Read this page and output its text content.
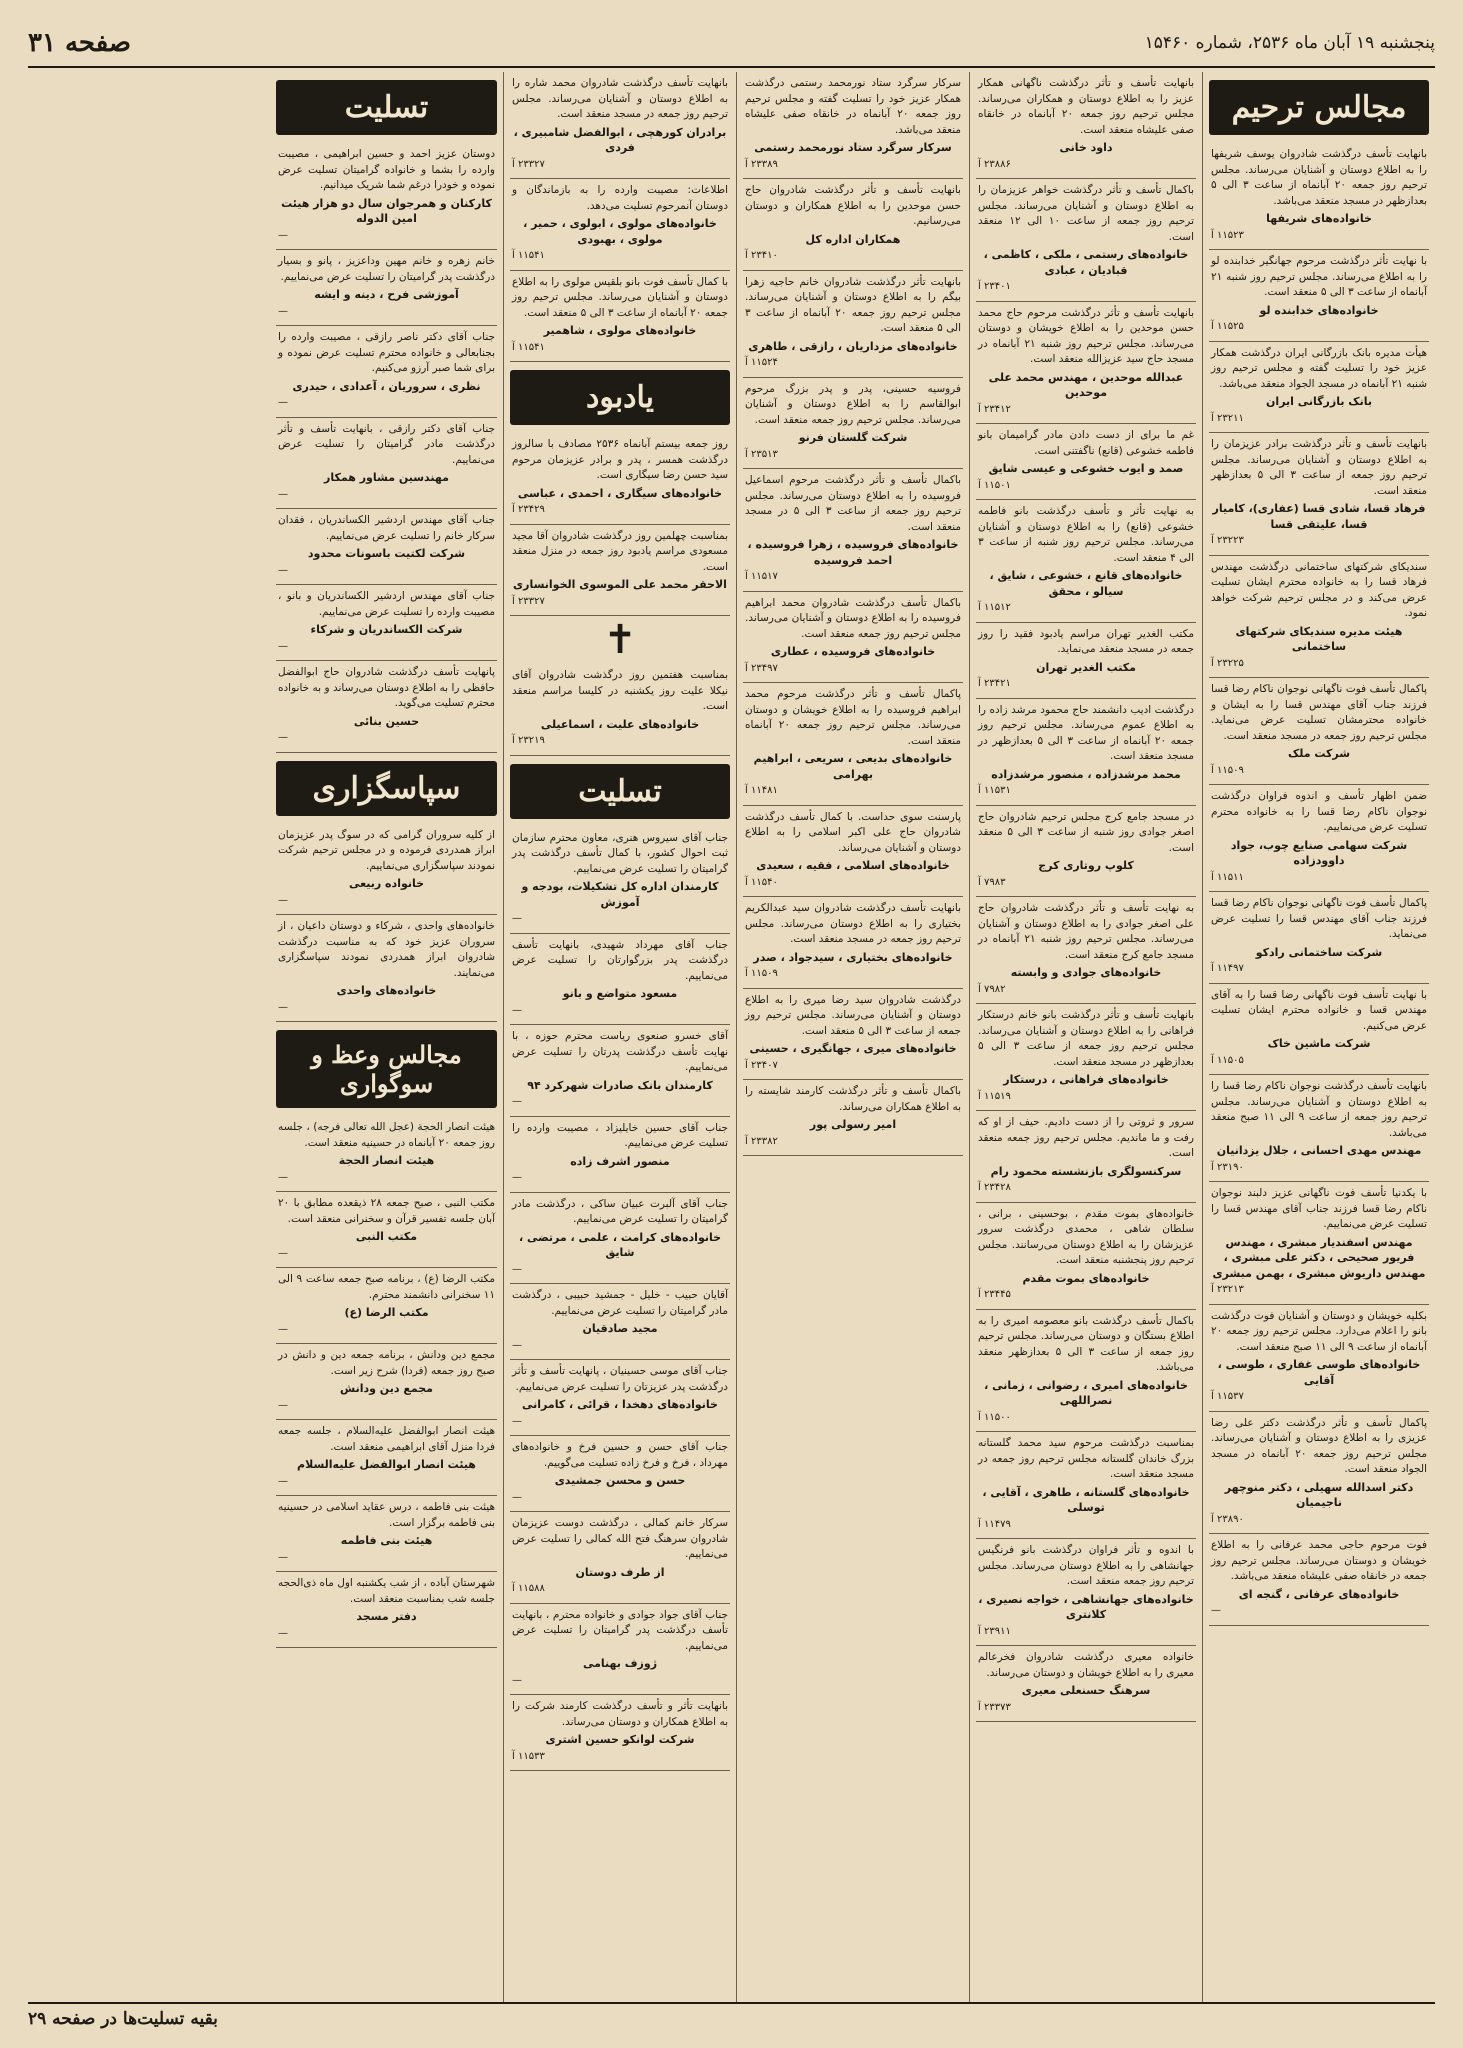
پنجشنبه ۱۹ آبان ماه ۲۵۳۶، شماره ۱۵۴۶۰
صفحه ۳۱
مجالس ترحیم
بانهایت تأسف درگذشت شادروان یوسف شریفها را به اطلاع دوستان و آشنایان می‌رساند. مجلس ترحیم روز جمعه ۲۰ آبانماه از ساعت ۳ الی ۵ بعدازظهر در مسجد منعقد می‌باشد.
خانواده‌های شریفها
۱۱۵۲۳ آ
با نهایت تأثر درگذشت مرحوم جهانگیر خدابنده لو را به اطلاع می‌رساند. مجلس ترحیم روز شنبه ۲۱ آبانماه از ساعت ۳ الی ۵ منعقد است.
خانواده‌های خدابنده لو
۱۱۵۲۵ آ
هیأت مدیره بانک بازرگانی ایران درگذشت همکار عزیز خود را تسلیت گفته و مجلس ترحیم روز شنبه ۲۱ آبانماه در مسجد الجواد منعقد می‌باشد.
بانک بازرگانی ایران
۲۳۲۱۱ آ
بانهایت تأسف و تأثر درگذشت برادر عزیزمان را به اطلاع دوستان و آشنایان می‌رساند. مجلس ترحیم روز جمعه از ساعت ۳ الی ۵ بعدازظهر منعقد است.
فرهاد قسا، شادی قسا (عفاری)، کامیار قسا، علیتقی قسا
۲۳۲۲۳ آ
سندیکای شرکتهای ساختمانی درگذشت مهندس فرهاد قسا را به خانواده محترم ایشان تسلیت عرض می‌کند و در مجلس ترحیم شرکت خواهد نمود.
هیئت مدیره سندیکای شرکتهای ساختمانی
۲۳۲۲۵ آ
پاکمال تأسف فوت ناگهانی نوجوان ناکام رضا قسا فرزند جناب آقای مهندس قسا را به ایشان و خانواده محترمشان تسلیت عرض می‌نماید. مجلس ترحیم روز جمعه در مسجد منعقد است.
شرکت ملک
۱۱۵۰۹ آ
ضمن اظهار تأسف و اندوه فراوان درگذشت نوجوان ناکام رضا قسا را به خانواده محترم تسلیت عرض می‌نماییم.
شرکت سهامی صنایع چوب، جواد داوودزاده
۱۱۵۱۱ آ
پاکمال تأسف فوت ناگهانی نوجوان ناکام رضا قسا فرزند جناب آقای مهندس قسا را تسلیت عرض می‌نماید.
شرکت ساختمانی رادکو
۱۱۴۹۷ آ
با نهایت تأسف فوت ناگهانی رضا قسا را به آقای مهندس قسا و خانواده محترم ایشان تسلیت عرض می‌کنیم.
شرکت ماشین خاک
۱۱۵۰۵ آ
بانهایت تأسف درگذشت نوجوان ناکام رضا قسا را به اطلاع دوستان و آشنایان می‌رساند. مجلس ترحیم روز جمعه از ساعت ۹ الی ۱۱ صبح منعقد می‌باشد.
مهندس مهدی احسانی ، جلال یزدانیان
۲۳۱۹۰ آ
با یکدنیا تأسف فوت ناگهانی عزیز دلبند نوجوان ناکام رضا قسا فرزند جناب آقای مهندس قسا را تسلیت عرض می‌نماییم.
مهندس اسفندیار مبشری ، مهندس فریور صحیحی ، دکتر علی مبشری ، مهندس داریوش مبشری ، بهمن مبشری
۲۳۲۱۳ آ
بکلیه خویشان و دوستان و آشنایان فوت درگذشت بانو را اعلام می‌دارد. مجلس ترحیم روز جمعه ۲۰ آبانماه از ساعت ۹ الی ۱۱ صبح منعقد است.
خانواده‌های طوسی غفاری ، طوسی ، آقایی
۱۱۵۳۷ آ
پاکمال تأسف و تأثر درگذشت دکتر علی رضا عزیزی را به اطلاع دوستان و آشنایان می‌رساند. مجلس ترحیم روز جمعه ۲۰ آبانماه در مسجد الجواد منعقد است.
دکتر اسدالله سهیلی ، دکتر منوچهر ناجیمیان
۲۳۸۹۰ آ
فوت مرحوم حاجی محمد عرفانی را به اطلاع خویشان و دوستان می‌رساند. مجلس ترحیم روز جمعه در خانقاه صفی علیشاه منعقد می‌باشد.
خانواده‌های عرفانی ، گنجه ای
—
بانهایت تأسف و تأثر درگذشت ناگهانی همکار عزیز را به اطلاع دوستان و همکاران می‌رساند. مجلس ترحیم روز جمعه ۲۰ آبانماه در خانقاه صفی علیشاه منعقد است.
داود خانی
۲۳۸۸۶ آ
باکمال تأسف و تأثر درگذشت خواهر عزیزمان را به اطلاع دوستان و آشنایان می‌رساند. مجلس ترحیم روز جمعه از ساعت ۱۰ الی ۱۲ منعقد است.
خانواده‌های رستمی ، ملکی ، کاظمی ، قبادیان ، عبادی
۲۳۴۰۱ آ
بانهایت تأسف و تأثر درگذشت مرحوم حاج محمد حسن موحدین را به اطلاع خویشان و دوستان می‌رساند. مجلس ترحیم روز شنبه ۲۱ آبانماه در مسجد حاج سید عزیزالله منعقد است.
عبدالله موحدین ، مهندس محمد علی موحدین
۲۳۴۱۲ آ
غم ما برای از دست دادن مادر گرامیمان بانو فاطمه خشوعی (قانع) ناگفتنی است.
صمد و ایوب خشوعی و عیسی شایق
۱۱۵۰۱ آ
به نهایت تأثر و تأسف درگذشت بانو فاطمه خشوعی (قانع) را به اطلاع دوستان و آشنایان می‌رساند. مجلس ترحیم روز شنبه از ساعت ۳ الی ۴ منعقد است.
خانواده‌های قانع ، خشوعی ، شایق ، سیالو ، محقق
۱۱۵۱۲ آ
مکتب الغدیر تهران مراسم یادبود فقید را روز جمعه در مسجد منعقد می‌نماید.
مکتب الغدیر تهران
۲۳۴۲۱ آ
درگذشت ادیب دانشمند حاج محمود مرشد زاده را به اطلاع عموم می‌رساند. مجلس ترحیم روز جمعه ۲۰ آبانماه از ساعت ۳ الی ۵ بعدازظهر در مسجد منعقد است.
محمد مرشدزاده ، منصور مرشدزاده
۱۱۵۳۱ آ
در مسجد جامع کرج مجلس ترحیم شادروان حاج اصغر جوادی روز شنبه از ساعت ۳ الی ۵ منعقد است.
کلوپ روتاری کرج
۷۹۸۳ آ
به نهایت تأسف و تأثر درگذشت شادروان حاج علی اصغر جوادی را به اطلاع دوستان و آشنایان می‌رساند. مجلس ترحیم روز شنبه ۲۱ آبانماه در مسجد جامع کرج منعقد است.
خانواده‌های جوادی و وابسته
۷۹۸۲ آ
بانهایت تأسف و تأثر درگذشت بانو خانم درستکار فراهانی را به اطلاع دوستان و آشنایان می‌رساند. مجلس ترحیم روز جمعه از ساعت ۳ الی ۵ بعدازظهر در مسجد منعقد است.
خانواده‌های فراهانی ، درستکار
۱۱۵۱۹ آ
سرور و ثروتی را از دست دادیم. حیف از او که رفت و ما ماندیم. مجلس ترحیم روز جمعه منعقد است.
سرکنسولگری بازنشسته محمود رام
۲۳۴۲۸ آ
خانواده‌های بموت مقدم ، بوحسینی ، برانی ، سلطان شاهی ، محمدی درگذشت سرور عزیزشان را به اطلاع دوستان می‌رسانند. مجلس ترحیم روز پنجشنبه منعقد است.
خانواده‌های بموت مقدم
۲۳۴۴۵ آ
باکمال تأسف درگذشت بانو معصومه امیری را به اطلاع بستگان و دوستان می‌رساند. مجلس ترحیم روز جمعه از ساعت ۳ الی ۵ بعدازظهر منعقد می‌باشد.
خانواده‌های امیری ، رضوانی ، زمانی ، نصراللهی
۱۱۵۰۰ آ
بمناسبت درگذشت مرحوم سید محمد گلستانه بزرگ خاندان گلستانه مجلس ترحیم روز جمعه در مسجد منعقد است.
خانواده‌های گلستانه ، طاهری ، آقایی ، توسلی
۱۱۴۷۹ آ
با اندوه و تأثر فراوان درگذشت بانو فرنگیس جهانشاهی را به اطلاع دوستان می‌رساند. مجلس ترحیم روز جمعه منعقد است.
خانواده‌های جهانشاهی ، خواجه نصیری ، کلانتری
۲۳۹۱۱ آ
خانواده معیری درگذشت شادروان فخرعالم معیری را به اطلاع خویشان و دوستان می‌رساند.
سرهنگ حسنعلی معیری
۲۳۳۷۳ آ
سرکار سرگرد ستاد نورمحمد رستمی درگذشت همکار عزیز خود را تسلیت گفته و مجلس ترحیم روز جمعه ۲۰ آبانماه در خانقاه صفی علیشاه منعقد می‌باشد.
سرکار سرگرد ستاد نورمحمد رستمی
۲۳۳۸۹ آ
بانهایت تأسف و تأثر درگذشت شادروان حاج حسن موحدین را به اطلاع همکاران و دوستان می‌رسانیم.
همکاران اداره کل
۲۳۴۱۰ آ
بانهایت تأثر درگذشت شادروان خانم حاجیه زهرا بیگم را به اطلاع دوستان و آشنایان می‌رساند. مجلس ترحیم روز جمعه ۲۰ آبانماه از ساعت ۳ الی ۵ منعقد است.
خانواده‌های مزداریان ، رازقی ، طاهری
۱۱۵۲۴ آ
فروسیه حسینی، پدر و پدر بزرگ مرحوم ابوالقاسم را به اطلاع دوستان و آشنایان می‌رساند. مجلس ترحیم روز جمعه منعقد است.
شرکت گلستان فرنو
۲۳۵۱۳ آ
باکمال تأسف و تأثر درگذشت مرحوم اسماعیل فروسیده را به اطلاع دوستان می‌رساند. مجلس ترحیم روز جمعه از ساعت ۳ الی ۵ در مسجد منعقد است.
خانواده‌های فروسیده ، زهرا فروسیده ، احمد فروسیده
۱۱۵۱۷ آ
باکمال تأسف درگذشت شادروان محمد ابراهیم فروسیده را به اطلاع دوستان و آشنایان می‌رساند. مجلس ترحیم روز جمعه منعقد است.
خانواده‌های فروسیده ، عطاری
۲۳۴۹۷ آ
پاکمال تأسف و تأثر درگذشت مرحوم محمد ابراهیم فروسیده را به اطلاع خویشان و دوستان می‌رساند. مجلس ترحیم روز جمعه ۲۰ آبانماه منعقد است.
خانواده‌های بدیعی ، سریعی ، ابراهیم بهرامی
۱۱۴۸۱ آ
پارسنت سوی حداست. با کمال تأسف درگذشت شادروان حاج علی اکبر اسلامی را به اطلاع دوستان و آشنایان می‌رساند.
خانواده‌های اسلامی ، فقیه ، سعیدی
۱۱۵۴۰ آ
بانهایت تأسف درگذشت شادروان سید عبدالکریم بختیاری را به اطلاع دوستان می‌رساند. مجلس ترحیم روز جمعه در مسجد منعقد است.
خانواده‌های بختیاری ، سیدجواد ، صدر
۱۱۵۰۹ آ
درگذشت شادروان سید رضا میری را به اطلاع دوستان و آشنایان می‌رساند. مجلس ترحیم روز جمعه از ساعت ۳ الی ۵ منعقد است.
خانواده‌های میری ، جهانگیری ، حسینی
۲۳۴۰۷ آ
باکمال تأسف و تأثر درگذشت کارمند شایسته را به اطلاع همکاران می‌رساند.
امیر رسولی پور
۲۳۳۸۲ آ
بانهایت تأسف درگذشت شادروان محمد شاره را به اطلاع دوستان و آشنایان می‌رساند. مجلس ترحیم روز جمعه در مسجد منعقد است.
برادران کورهچی ، ابوالفضل شامبیری ، فردی
۲۳۳۲۷ آ
اطلاعات: مصیبت وارده را به بازماندگان و دوستان آنمرحوم تسلیت می‌دهد.
خانواده‌های مولوی ، ابولوی ، حمیر ، مولوی ، بهبودی
۱۱۵۴۱ آ
با کمال تأسف فوت بانو بلقیس مولوی را به اطلاع دوستان و آشنایان می‌رساند. مجلس ترحیم روز جمعه ۲۰ آبانماه از ساعت ۳ الی ۵ منعقد است.
خانواده‌های مولوی ، شاهمیر
۱۱۵۴۱ آ
یادبود
روز جمعه بیستم آبانماه ۲۵۳۶ مصادف با سالروز درگذشت همسر ، پدر و برادر عزیزمان مرحوم سید حسن رضا سیگاری است.
خانواده‌های سیگاری ، احمدی ، عباسی
۲۳۴۲۹ آ
بمناسبت چهلمین روز درگذشت شادروان آقا مجید مسعودی مراسم یادبود روز جمعه در منزل منعقد است.
الاحقر محمد علی الموسوی الخوانساری
۲۳۳۲۷ آ
✝
بمناسبت هفتمین روز درگذشت شادروان آقای نیکلا علیت روز یکشنبه در کلیسا مراسم منعقد است.
خانواده‌های علیت ، اسماعیلی
۲۳۲۱۹ آ
تسلیت
جناب آقای سیروس هنری، معاون محترم سازمان ثبت احوال کشور، با کمال تأسف درگذشت پدر گرامیتان را تسلیت عرض می‌نماییم.
کارمندان اداره کل تشکیلات، بودجه و آموزش
—
جناب آقای مهرداد شهیدی، بانهایت تأسف درگذشت پدر بزرگوارتان را تسلیت عرض می‌نماییم.
مسعود متواضع و بانو
—
آقای خسرو صنعوی ریاست محترم حوزه ، با نهایت تأسف درگذشت پدرتان را تسلیت عرض می‌نماییم.
کارمندان بانک صادرات شهرکرد ۹۴
—
جناب آقای حسین خایلیزاد ، مصیبت وارده را تسلیت عرض می‌نماییم.
منصور اشرف زاده
—
جناب آقای آلبرت عبیان ساکی ، درگذشت مادر گرامیتان را تسلیت عرض می‌نماییم.
خانواده‌های کرامت ، علمی ، مرتضی ، شایق
—
آقایان حبیب - خلیل - جمشید حبیبی ، درگذشت مادر گرامیتان را تسلیت عرض می‌نماییم.
مجید صادقیان
—
جناب آقای موسی حسینیان ، پانهایت تأسف و تأثر درگذشت پدر عزیزتان را تسلیت عرض می‌نماییم.
خانواده‌های دهخدا ، قرائی ، کامرانی
—
جناب آقای حسن و حسین فرخ و خانواده‌های مهرداد ، فرخ و فرخ زاده تسلیت می‌گوییم.
حسن و محسن جمشیدی
—
سرکار خانم کمالی ، درگذشت دوست عزیزمان شادروان سرهنگ فتح الله کمالی را تسلیت عرض می‌نماییم.
از طرف دوستان
۱۱۵۸۸ آ
جناب آقای جواد جوادی و خانواده محترم ، بانهایت تأسف درگذشت پدر گرامیتان را تسلیت عرض می‌نماییم.
ژوزف بهنامی
—
بانهایت تأثر و تأسف درگذشت کارمند شرکت را به اطلاع همکاران و دوستان می‌رساند.
شرکت لوانکو حسین اشتری
۱۱۵۳۳ آ
تسلیت
دوستان عزیز احمد و حسین ابراهیمی ، مصیبت وارده را بشما و خانواده گرامیتان تسلیت عرض نموده و خودرا درغم شما شریک میدانیم.
کارکنان و همرجوان سال دو هزار هیئت امین الدوله
—
خانم زهره و خانم مهین وداعزیز ، پانو و بسیار درگذشت پدر گرامیتان را تسلیت عرض می‌نماییم.
آموزشی فرح ، دینه و ایشه
—
جناب آقای دکتر ناصر رازقی ، مصیبت وارده را بجنابعالی و خانواده محترم تسلیت عرض نموده و برای شما صبر آرزو می‌کنیم.
نظری ، سروریان ، آعدادی ، حیدری
—
جناب آقای دکتر رازقی ، بانهایت تأسف و تأثر درگذشت مادر گرامیتان را تسلیت عرض می‌نماییم.
مهندسین مشاور همکار
—
جناب آقای مهندس اردشیر الکساندریان ، فقدان سرکار خانم را تسلیت عرض می‌نماییم.
شرکت لکتیت باسونات محدود
—
جناب آقای مهندس اردشیر الکساندریان و بانو ، مصیبت وارده را تسلیت عرض می‌نماییم.
شرکت الکساندریان و شرکاء
—
پانهایت تأسف درگذشت شادروان حاج ابوالفضل حافظی را به اطلاع دوستان می‌رساند و به خانواده محترم تسلیت می‌گوید.
حسین بنائی
—
سپاسگزاری
از کلیه سروران گرامی که در سوگ پدر عزیزمان ابراز همدردی فرموده و در مجلس ترحیم شرکت نمودند سپاسگزاری می‌نماییم.
خانواده ربیعی
—
خانواده‌های واحدی ، شرکاء و دوستان داعیان ، از سروران عزیز خود که به مناسبت درگذشت شادروان ابراز همدردی نمودند سپاسگزاری می‌نمایند.
خانواده‌های واحدی
—
مجالس وعظ و سوگواری
هیئت انصار الحجة (عجل الله تعالی فرجه) ، جلسه روز جمعه ۲۰ آبانماه در حسینیه منعقد است.
هیئت انصار الحجة
—
مکتب النبی ، صبح جمعه ۲۸ ذیقعده مطابق با ۲۰ آبان جلسه تفسیر قرآن و سخنرانی منعقد است.
مکتب النبی
—
مکتب الرضا (ع) ، برنامه صبح جمعه ساعت ۹ الی ۱۱ سخنرانی دانشمند محترم.
مکتب الرضا (ع)
—
مجمع دین ودانش ، برنامه جمعه دین و دانش در صبح روز جمعه (فردا) شرح زیر است.
مجمع دین ودانش
—
هیئت انصار ابوالفضل علیه‌السلام ، جلسه جمعه فردا منزل آقای ابراهیمی منعقد است.
هیئت انصار ابوالفضل علیه‌السلام
—
هیئت بنی فاطمه ، درس عقاید اسلامی در حسینیه بنی فاطمه برگزار است.
هیئت بنی فاطمه
—
شهرستان آباده ، از شب یکشنبه اول ماه ذی‌الحجه جلسه شب بمناسبت منعقد است.
دفتر مسجد
—
بقیه تسلیت‌ها در صفحه ۲۹
